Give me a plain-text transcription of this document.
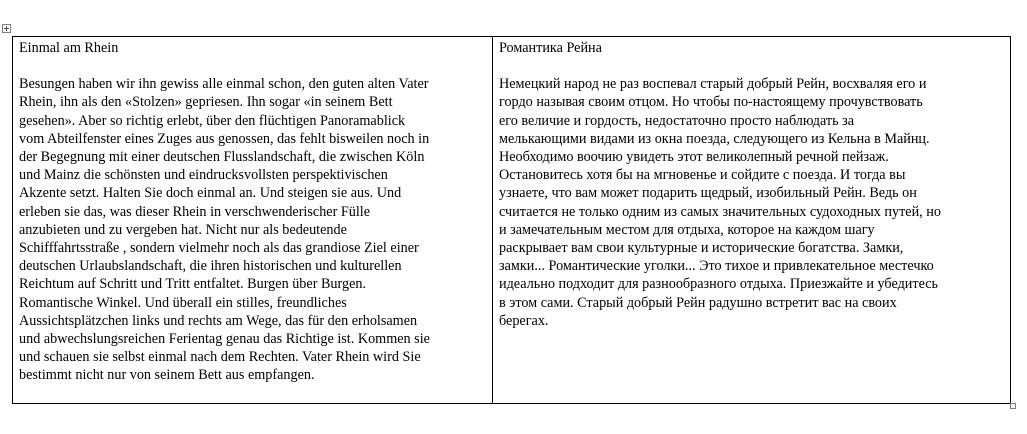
Einmal am Rhein
Besungen haben wir ihn gewiss alle einmal schon, den guten alten Vater
Rhein, ihn als den «Stolzen» gepriesen. Ihn sogar «in seinem Bett
gesehen». Aber so richtig erlebt, über den flüchtigen Panoramablick
vom Abteilfenster eines Zuges aus genossen, das fehlt bisweilen noch in
der Begegnung mit einer deutschen Flusslandschaft, die zwischen Köln
und Mainz die schönsten und eindrucksvollsten perspektivischen
Akzente setzt. Halten Sie doch einmal an. Und steigen sie aus. Und
erleben sie das, was dieser Rhein in verschwenderischer Fülle
anzubieten und zu vergeben hat. Nicht nur als bedeutende
Schifffahrtsstraße , sondern vielmehr noch als das grandiose Ziel einer
deutschen Urlaubslandschaft, die ihren historischen und kulturellen
Reichtum auf Schritt und Tritt entfaltet. Burgen über Burgen.
Romantische Winkel. Und überall ein stilles, freundliches
Aussichtsplätzchen links und rechts am Wege, das für den erholsamen
und abwechslungsreichen Ferientag genau das Richtige ist. Kommen sie
und schauen sie selbst einmal nach dem Rechten. Vater Rhein wird Sie
bestimmt nicht nur von seinem Bett aus empfangen.
Романтика Рейна
Немецкий народ не раз воспевал старый добрый Рейн, восхваляя его и
гордо называя своим отцом. Но чтобы по-настоящему прочувствовать
его величие и гордость, недостаточно просто наблюдать за
мелькающими видами из окна поезда, следующего из Кельна в Майнц.
Необходимо воочию увидеть этот великолепный речной пейзаж.
Остановитесь хотя бы на мгновенье и сойдите с поезда. И тогда вы
узнаете, что вам может подарить щедрый, изобильный Рейн. Ведь он
считается не только одним из самых значительных судоходных путей, но
и замечательным местом для отдыха, которое на каждом шагу
раскрывает вам свои культурные и исторические богатства. Замки,
замки... Романтические уголки... Это тихое и привлекательное местечко
идеально подходит для разнообразного отдыха. Приезжайте и убедитесь
в этом сами. Старый добрый Рейн радушно встретит вас на своих
берегах.
